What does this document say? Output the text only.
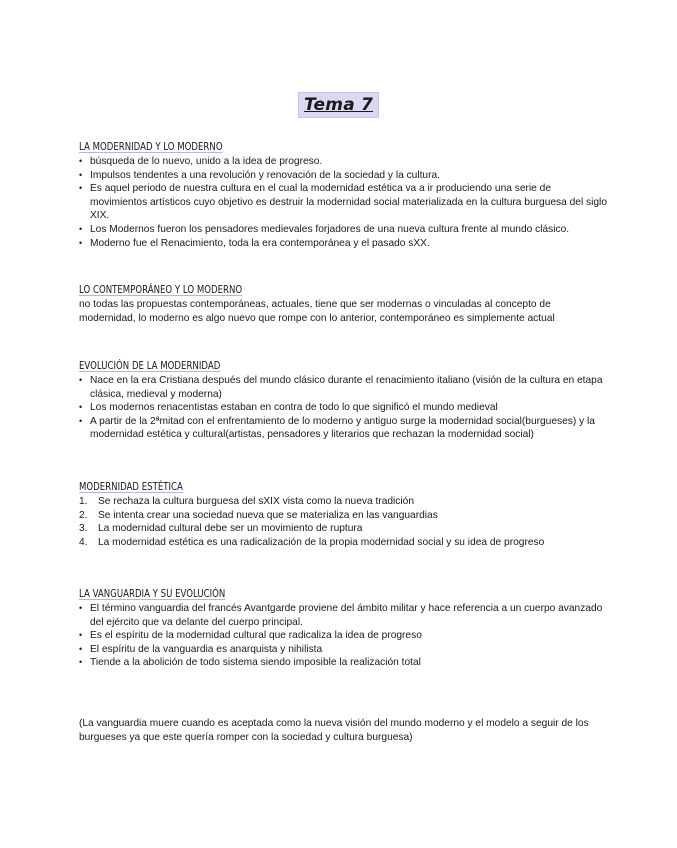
Tema 7
LA MODERNIDAD Y LO MODERNO
• búsqueda de lo nuevo, unido a la idea de progreso.
• Impulsos tendentes a una revolución y renovación de la sociedad y la cultura.
• Es aquel periodo de nuestra cultura en el cual la modernidad estética va a ir produciendo una serie de movimientos artísticos cuyo objetivo es destruir la modernidad social materializada en la cultura burguesa del siglo XIX.
• Los Modernos fueron los pensadores medievales forjadores de una nueva cultura frente al mundo clásico.
• Moderno fue el Renacimiento, toda la era contemporánea y el pasado sXX.
LO CONTEMPORÁNEO Y LO MODERNO
no todas las propuestas contemporáneas, actuales, tiene que ser modernas o vinculadas al concepto de modernidad, lo moderno es algo nuevo que rompe con lo anterior, contemporáneo es simplemente actual
EVOLUCIÓN DE LA MODERNIDAD
• Nace en la era Cristiana después del mundo clásico durante el renacimiento italiano (visión de la cultura en etapa clásica, medieval y moderna)
• Los modernos renacentistas estaban en contra de todo lo que significó el mundo medieval
• A partir de la 2ªmitad con el enfrentamiento de lo moderno y antiguo surge la modernidad social(burgueses) y la modernidad estética y cultural(artistas, pensadores y literarios que rechazan la modernidad social)
MODERNIDAD ESTÉTICA
1. Se rechaza la cultura burguesa del sXIX vista como la nueva tradición
2. Se intenta crear una sociedad nueva que se materializa en las vanguardias
3. La modernidad cultural debe ser un movimiento de ruptura
4. La modernidad estética es una radicalización de la propia modernidad social y su idea de progreso
LA VANGUARDIA Y SU EVOLUCIÓN
• El término vanguardia del francés Avantgarde proviene del ámbito militar y hace referencia a un cuerpo avanzado del ejército que va delante del cuerpo principal.
• Es el espíritu de la modernidad cultural que radicaliza la idea de progreso
• El espíritu de la vanguardia es anarquista y nihilista
• Tiende a la abolición de todo sistema siendo imposible la realización total
(La vanguardia muere cuando es aceptada como la nueva visión del mundo moderno y el modelo a seguir de los burgueses ya que este quería romper con la sociedad y cultura burguesa)
